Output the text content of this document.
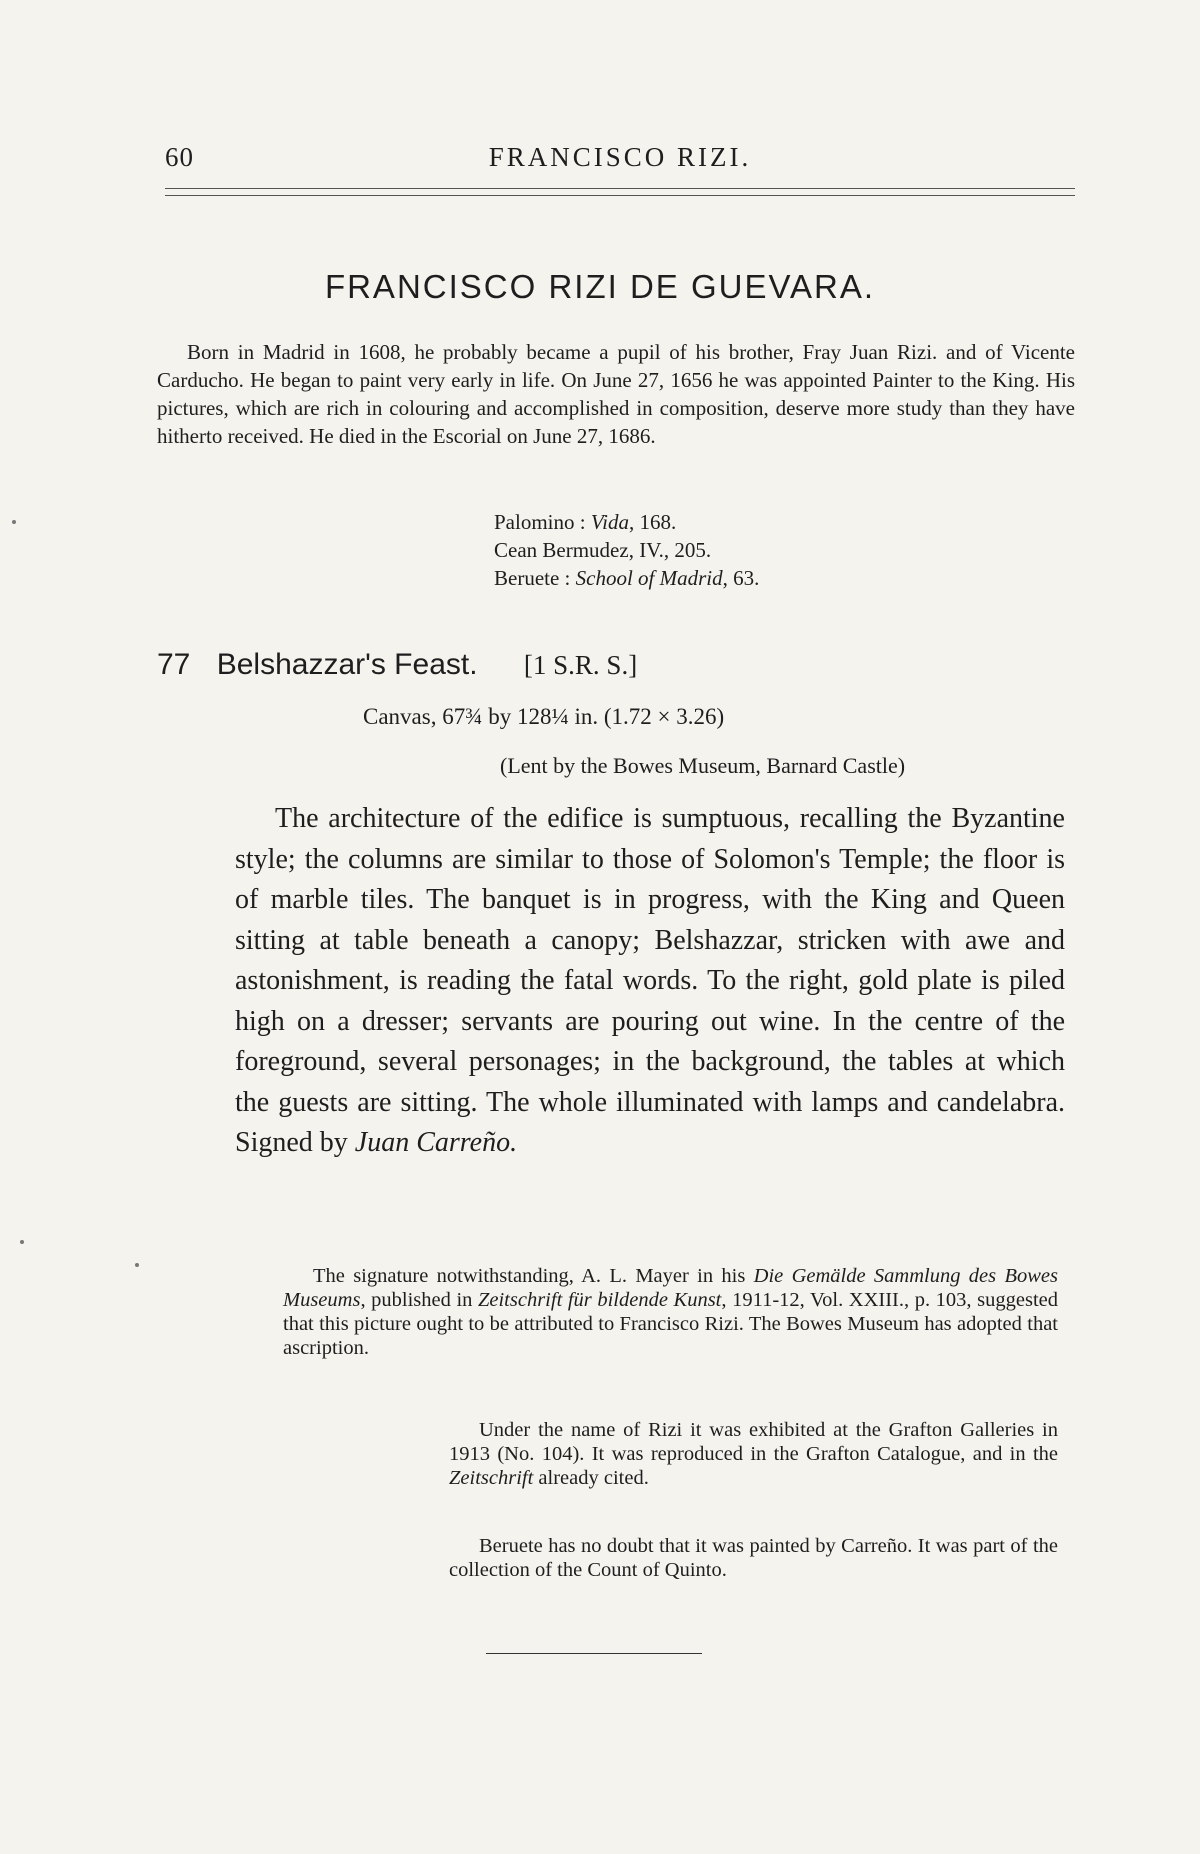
60	FRANCISCO RIZI.
FRANCISCO RIZI DE GUEVARA.

Born in Madrid in 1608, he probably became a pupil of his brother, Fray Juan Rizi. and of Vicente Carducho. He began to paint very early in life. On June 27, 1656 he was appointed Painter to the King. His pictures, which are rich in colouring and accomplished in composition, deserve more study than they have hitherto received. He died in the Escorial on June 27, 1686.

Palomino : Vida, 168.
Cean Bermudez, IV., 205.
Beruete : School of Madrid, 63.
77 Belshazzar's Feast. [1 S.R. S.]
Canvas, 67¾ by 128¼ in. (1.72 × 3.26)
(Lent by the Bowes Museum, Barnard Castle)

The architecture of the edifice is sumptuous, recalling the Byzantine style; the columns are similar to those of Solomon's Temple; the floor is of marble tiles. The banquet is in progress, with the King and Queen sitting at table beneath a canopy; Belshazzar, stricken with awe and astonishment, is reading the fatal words. To the right, gold plate is piled high on a dresser; servants are pouring out wine. In the centre of the foreground, several personages; in the background, the tables at which the guests are sitting. The whole illuminated with lamps and candelabra. Signed by Juan Carreño.

The signature notwithstanding, A. L. Mayer in his Die Gemälde Sammlung des Bowes Museums, published in Zeitschrift für bildende Kunst, 1911-12, Vol. XXIII., p. 103, suggested that this picture ought to be attributed to Francisco Rizi. The Bowes Museum has adopted that ascription.

Under the name of Rizi it was exhibited at the Grafton Galleries in 1913 (No. 104). It was reproduced in the Grafton Catalogue, and in the Zeitschrift already cited.

Beruete has no doubt that it was painted by Carreño. It was part of the collection of the Count of Quinto.
